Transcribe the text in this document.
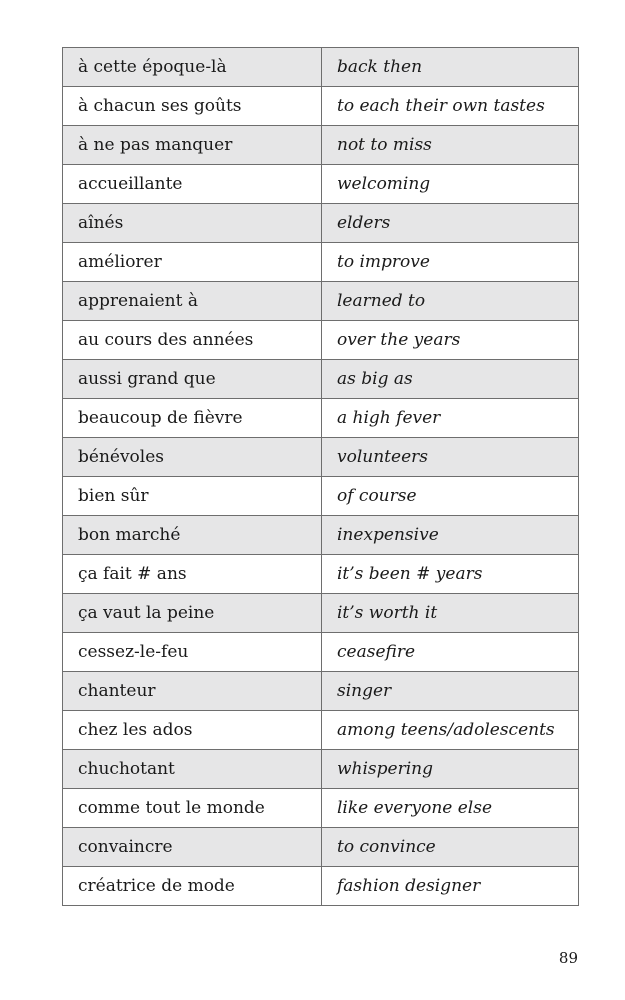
à cette époque-là	back then
à chacun ses goûts	to each their own tastes
à ne pas manquer	not to miss
accueillante	welcoming
aînés	elders
améliorer	to improve
apprenaient à	learned to
au cours des années	over the years
aussi grand que	as big as
beaucoup de fièvre	a high fever
bénévoles	volunteers
bien sûr	of course
bon marché	inexpensive
ça fait # ans	it’s been # years
ça vaut la peine	it’s worth it
cessez-le-feu	ceasefire
chanteur	singer
chez les ados	among teens/adolescents
chuchotant	whispering
comme tout le monde	like everyone else
convaincre	to convince
créatrice de mode	fashion designer
89
